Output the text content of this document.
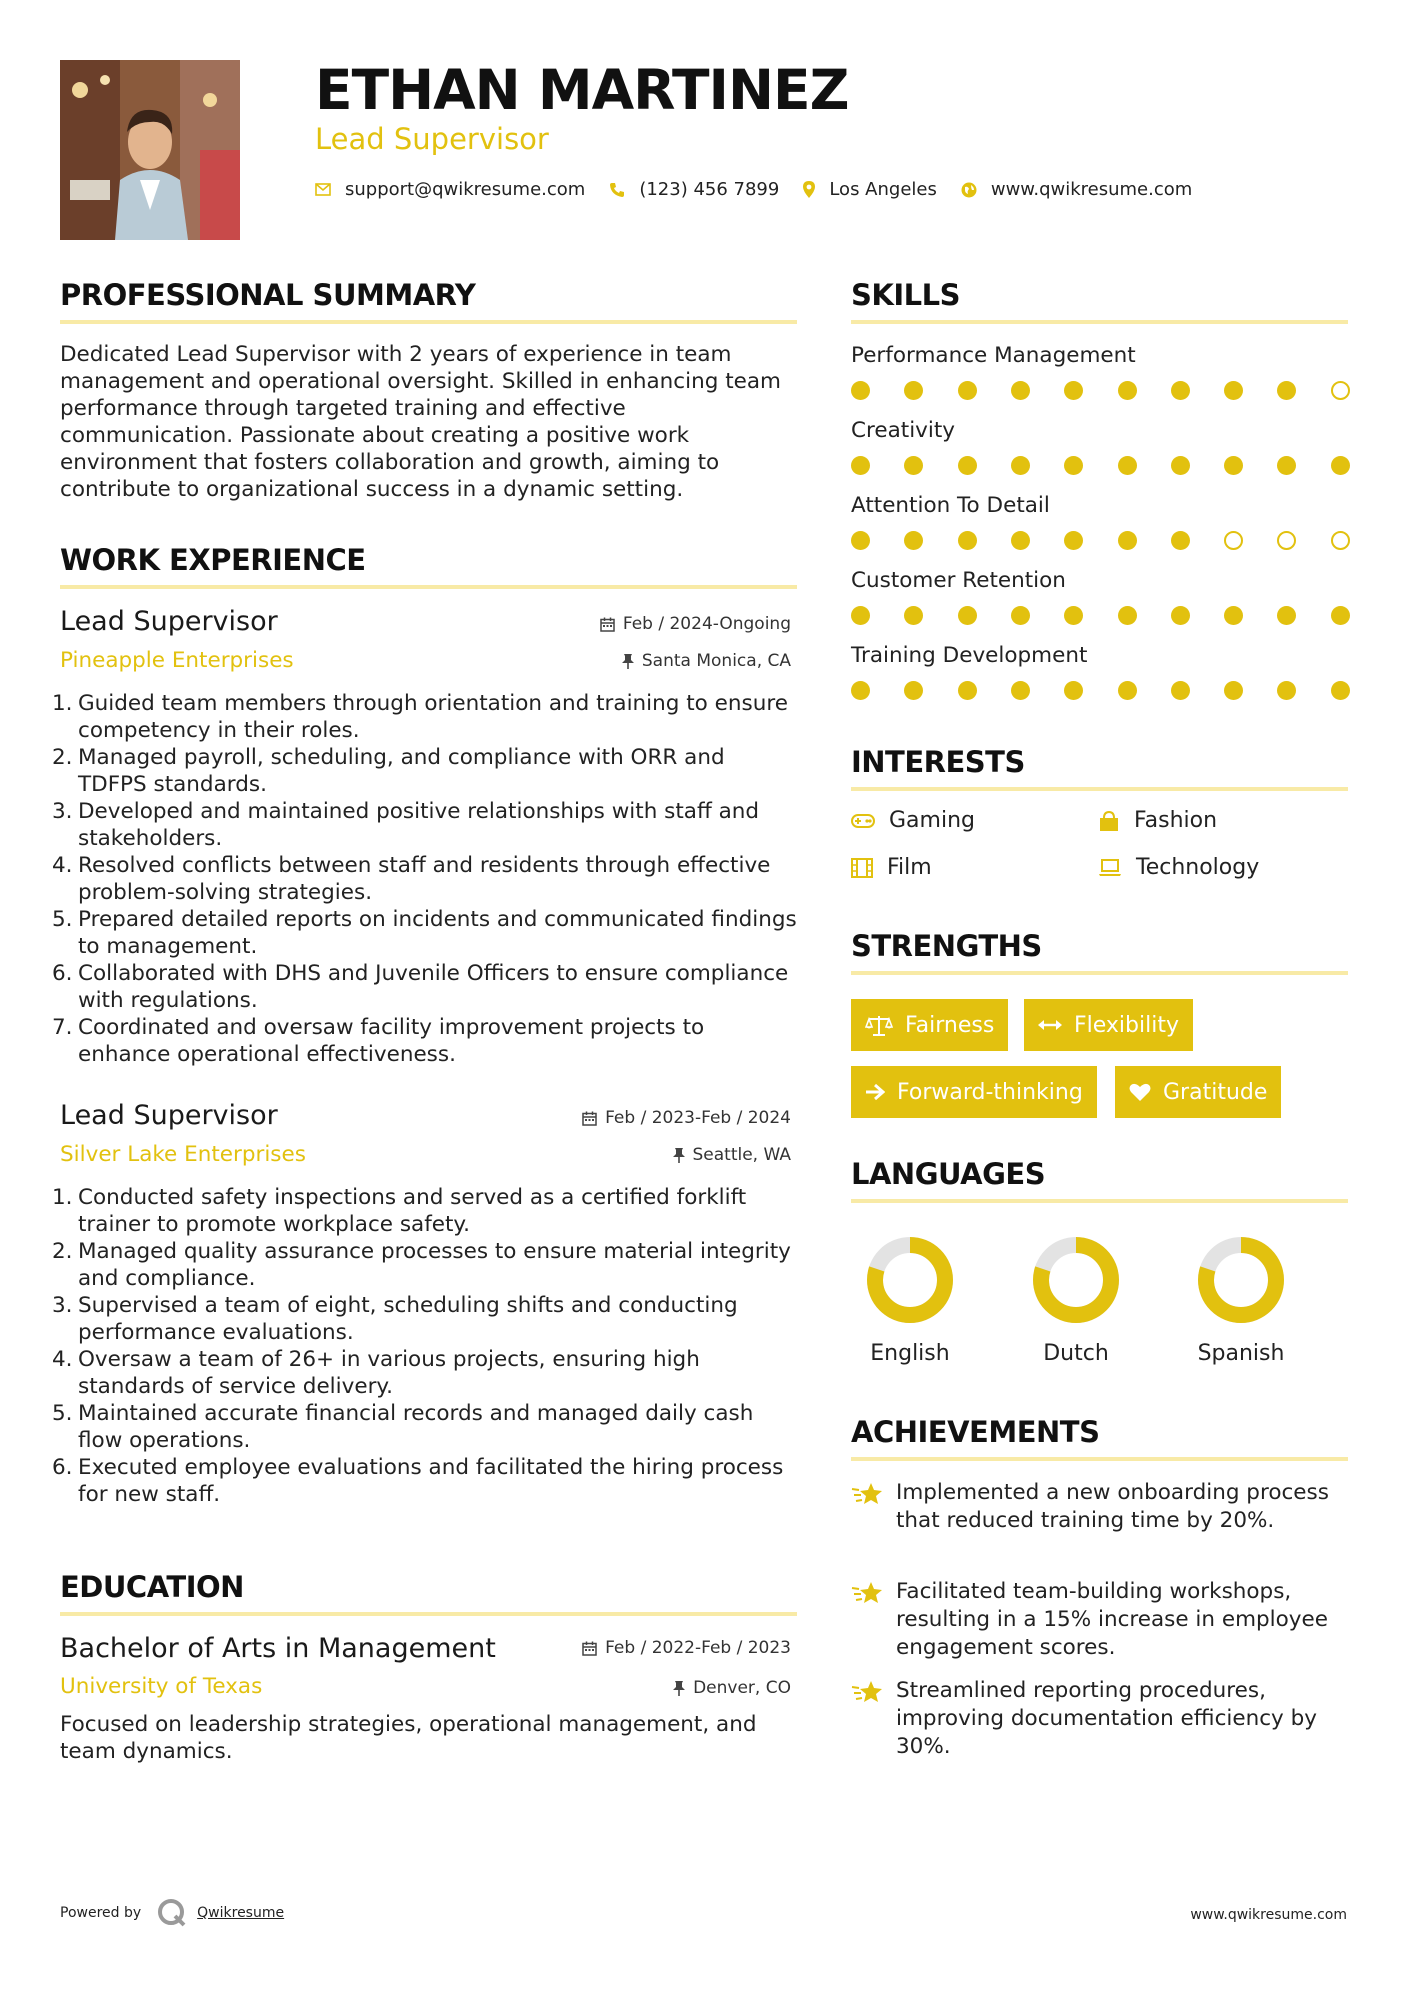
ETHAN MARTINEZ
Lead Supervisor
support@qwikresume.com	(123) 456 7899	Los Angeles	www.qwikresume.com
PROFESSIONAL SUMMARY
Dedicated Lead Supervisor with 2 years of experience in team management and operational oversight. Skilled in enhancing team performance through targeted training and effective communication. Passionate about creating a positive work environment that fosters collaboration and growth, aiming to contribute to organizational success in a dynamic setting.
WORK EXPERIENCE
Lead Supervisor	Feb / 2024-Ongoing
Pineapple Enterprises	Santa Monica, CA
1. Guided team members through orientation and training to ensure competency in their roles.
2. Managed payroll, scheduling, and compliance with ORR and TDFPS standards.
3. Developed and maintained positive relationships with staff and stakeholders.
4. Resolved conflicts between staff and residents through effective problem-solving strategies.
5. Prepared detailed reports on incidents and communicated findings to management.
6. Collaborated with DHS and Juvenile Officers to ensure compliance with regulations.
7. Coordinated and oversaw facility improvement projects to enhance operational effectiveness.
Lead Supervisor	Feb / 2023-Feb / 2024
Silver Lake Enterprises	Seattle, WA
1. Conducted safety inspections and served as a certified forklift trainer to promote workplace safety.
2. Managed quality assurance processes to ensure material integrity and compliance.
3. Supervised a team of eight, scheduling shifts and conducting performance evaluations.
4. Oversaw a team of 26+ in various projects, ensuring high standards of service delivery.
5. Maintained accurate financial records and managed daily cash flow operations.
6. Executed employee evaluations and facilitated the hiring process for new staff.
EDUCATION
Bachelor of Arts in Management	Feb / 2022-Feb / 2023
University of Texas	Denver, CO
Focused on leadership strategies, operational management, and team dynamics.
SKILLS
Performance Management
Creativity
Attention To Detail
Customer Retention
Training Development
INTERESTS
Gaming	Fashion
Film	Technology
STRENGTHS
Fairness	Flexibility
Forward-thinking	Gratitude
LANGUAGES
English	Dutch	Spanish
ACHIEVEMENTS
Implemented a new onboarding process that reduced training time by 20%.
Facilitated team-building workshops, resulting in a 15% increase in employee engagement scores.
Streamlined reporting procedures, improving documentation efficiency by 30%.
Powered by	Qwikresume	www.qwikresume.com
